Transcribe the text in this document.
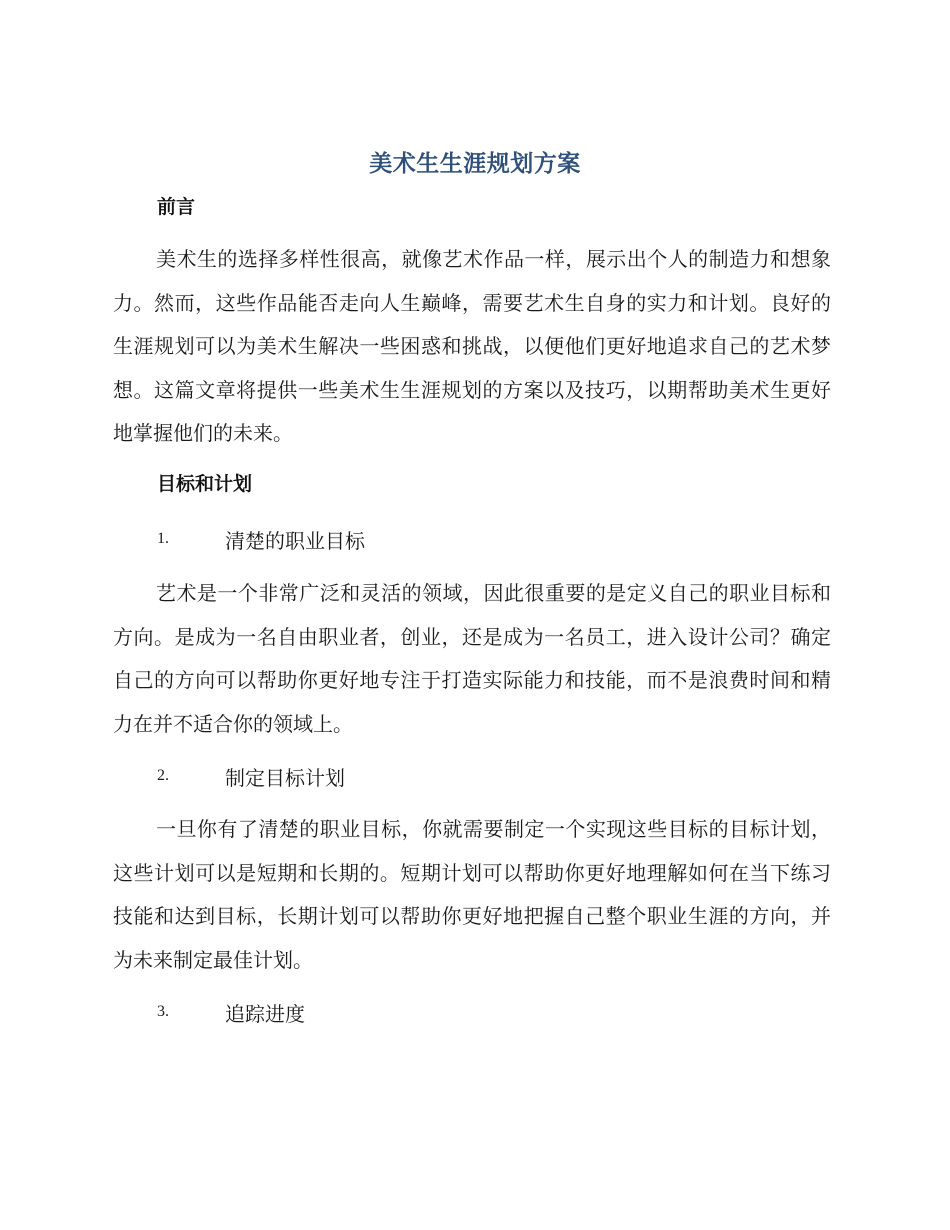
美术生生涯规划方案
前言

美术生的选择多样性很高，就像艺术作品一样，展示出个人的制造力和想象力。然而，这些作品能否走向人生巅峰，需要艺术生自身的实力和计划。良好的生涯规划可以为美术生解决一些困惑和挑战，以便他们更好地追求自己的艺术梦想。这篇文章将提供一些美术生生涯规划的方案以及技巧，以期帮助美术生更好地掌握他们的未来。

目标和计划
1.	清楚的职业目标

艺术是一个非常广泛和灵活的领域，因此很重要的是定义自己的职业目标和方向。是成为一名自由职业者，创业，还是成为一名员工，进入设计公司？确定自己的方向可以帮助你更好地专注于打造实际能力和技能，而不是浪费时间和精力在并不适合你的领域上。

2.	制定目标计划

一旦你有了清楚的职业目标，你就需要制定一个实现这些目标的目标计划，这些计划可以是短期和长期的。短期计划可以帮助你更好地理解如何在当下练习技能和达到目标，长期计划可以帮助你更好地把握自己整个职业生涯的方向，并为未来制定最佳计划。

3.	追踪进度
